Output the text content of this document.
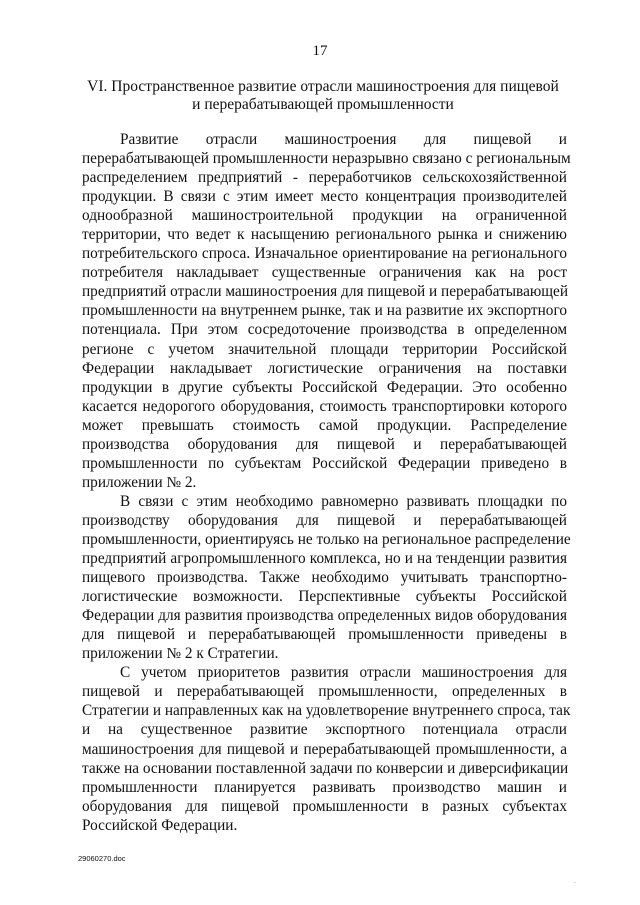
17
VI. Пространственное развитие отрасли машиностроения для пищевой
и перерабатывающей промышленности
Развитие отрасли машиностроения для пищевой и
перерабатывающей промышленности неразрывно связано с региональным
распределением предприятий - переработчиков сельскохозяйственной
продукции. В связи с этим имеет место концентрация производителей
однообразной машиностроительной продукции на ограниченной
территории, что ведет к насыщению регионального рынка и снижению
потребительского спроса. Изначальное ориентирование на регионального
потребителя накладывает существенные ограничения как на рост
предприятий отрасли машиностроения для пищевой и перерабатывающей
промышленности на внутреннем рынке, так и на развитие их экспортного
потенциала. При этом сосредоточение производства в определенном
регионе с учетом значительной площади территории Российской
Федерации накладывает логистические ограничения на поставки
продукции в другие субъекты Российской Федерации. Это особенно
касается недорогого оборудования, стоимость транспортировки которого
может превышать стоимость самой продукции. Распределение
производства оборудования для пищевой и перерабатывающей
промышленности по субъектам Российской Федерации приведено в
приложении № 2.
В связи с этим необходимо равномерно развивать площадки по
производству оборудования для пищевой и перерабатывающей
промышленности, ориентируясь не только на региональное распределение
предприятий агропромышленного комплекса, но и на тенденции развития
пищевого производства. Также необходимо учитывать транспортно-
логистические возможности. Перспективные субъекты Российской
Федерации для развития производства определенных видов оборудования
для пищевой и перерабатывающей промышленности приведены в
приложении № 2 к Стратегии.
С учетом приоритетов развития отрасли машиностроения для
пищевой и перерабатывающей промышленности, определенных в
Стратегии и направленных как на удовлетворение внутреннего спроса, так
и на существенное развитие экспортного потенциала отрасли
машиностроения для пищевой и перерабатывающей промышленности, а
также на основании поставленной задачи по конверсии и диверсификации
промышленности планируется развивать производство машин и
оборудования для пищевой промышленности в разных субъектах
Российской Федерации.
29060270.doc
.
